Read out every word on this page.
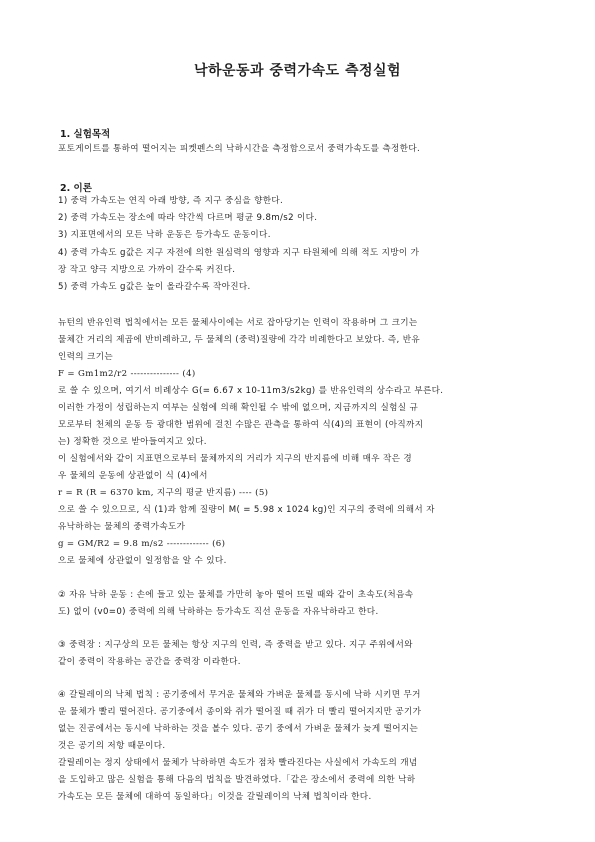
낙하운동과 중력가속도 측정실험
1. 실험목적
포토게이트를 통하여 떨어지는 피켓펜스의 낙하시간을 측정함으로서 중력가속도를 측정한다.
2. 이론
1) 중력 가속도는 연직 아래 방향, 즉 지구 중심을 향한다.
2) 중력 가속도는 장소에 따라 약간씩 다르며 평균 9.8m/s2 이다.
3) 지표면에서의 모든 낙하 운동은 등가속도 운동이다.
4) 중력 가속도 g값은 지구 자전에 의한 원심력의 영향과 지구 타원체에 의해 적도 지방이 가
장 작고 양극 지방으로 가까이 갈수록 커진다.
5) 중력 가속도 g값은 높이 올라갈수록 작아진다.
뉴턴의 반유인력 법칙에서는 모든 물체사이에는 서로 잡아당기는 인력이 작용하며 그 크기는
물체간 거리의 제곱에 반비례하고, 두 물체의 (중력)질량에 각각 비례한다고 보았다. 즉, 반유
인력의 크기는
F = Gm1m2/r2 --------------- (4)
로 쓸 수 있으며, 여기서 비례상수 G(= 6.67 x 10-11m3/s2kg) 를 반유인력의 상수라고 부른다.
이러한 가정이 성립하는지 여부는 실험에 의해 확인될 수 밖에 없으며, 지금까지의 실험실 규
모로부터 천체의 운동 등 광대한 범위에 걸친 수많은 관측을 통하여 식(4)의 표현이 (아직까지
는) 정확한 것으로 받아들여지고 있다.
이 실험에서와 같이 지표면으로부터 물체까지의 거리가 지구의 반지름에 비해 매우 작은 경
우 물체의 운동에 상관없이 식 (4)에서
r = R (R = 6370 km, 지구의 평균 반지름) ---- (5)
으로 쓸 수 있으므로, 식 (1)과 함께 질량이 M( = 5.98 x 1024 kg)인 지구의 중력에 의해서 자
유낙하하는 물체의 중력가속도가
g = GM/R2 = 9.8 m/s2 ------------- (6)
으로 물체에 상관없이 일정함을 알 수 있다.
② 자유 낙하 운동 : 손에 들고 있는 물체를 가만히 놓아 떨어 뜨릴 때와 같이 초속도(처음속
도) 없이 (v0=0) 중력에 의해 낙하하는 등가속도 직선 운동을 자유낙하라고 한다.
③ 중력장 : 지구상의 모든 물체는 항상 지구의 인력, 즉 중력을 받고 있다. 지구 주위에서와
같이 중력이 작용하는 공간을 중력장 이라한다.
④ 갈릴레이의 낙체 법칙 : 공기중에서 무거운 물체와 가벼운 물체를 동시에 낙하 시키면 무거
운 물체가 빨리 떨어진다. 공기중에서 종이와 쥐가 떨어질 때 쥐가 더 빨리 떨어지지만 공기가
없는 진공에서는 동시에 낙하하는 것을 볼수 있다. 공기 중에서 가벼운 물체가 늦게 떨어지는
것은 공기의 저항 때문이다.
갈릴레이는 정지 상태에서 물체가 낙하하면 속도가 점차 빨라진다는 사실에서 가속도의 개념
을 도입하고 많은 실험을 통해 다음의 법칙을 발견하였다.「같은 장소에서 중력에 의한 낙하
가속도는 모든 물체에 대하여 동일하다」이것을 갈릴레이의 낙체 법칙이라 한다.
